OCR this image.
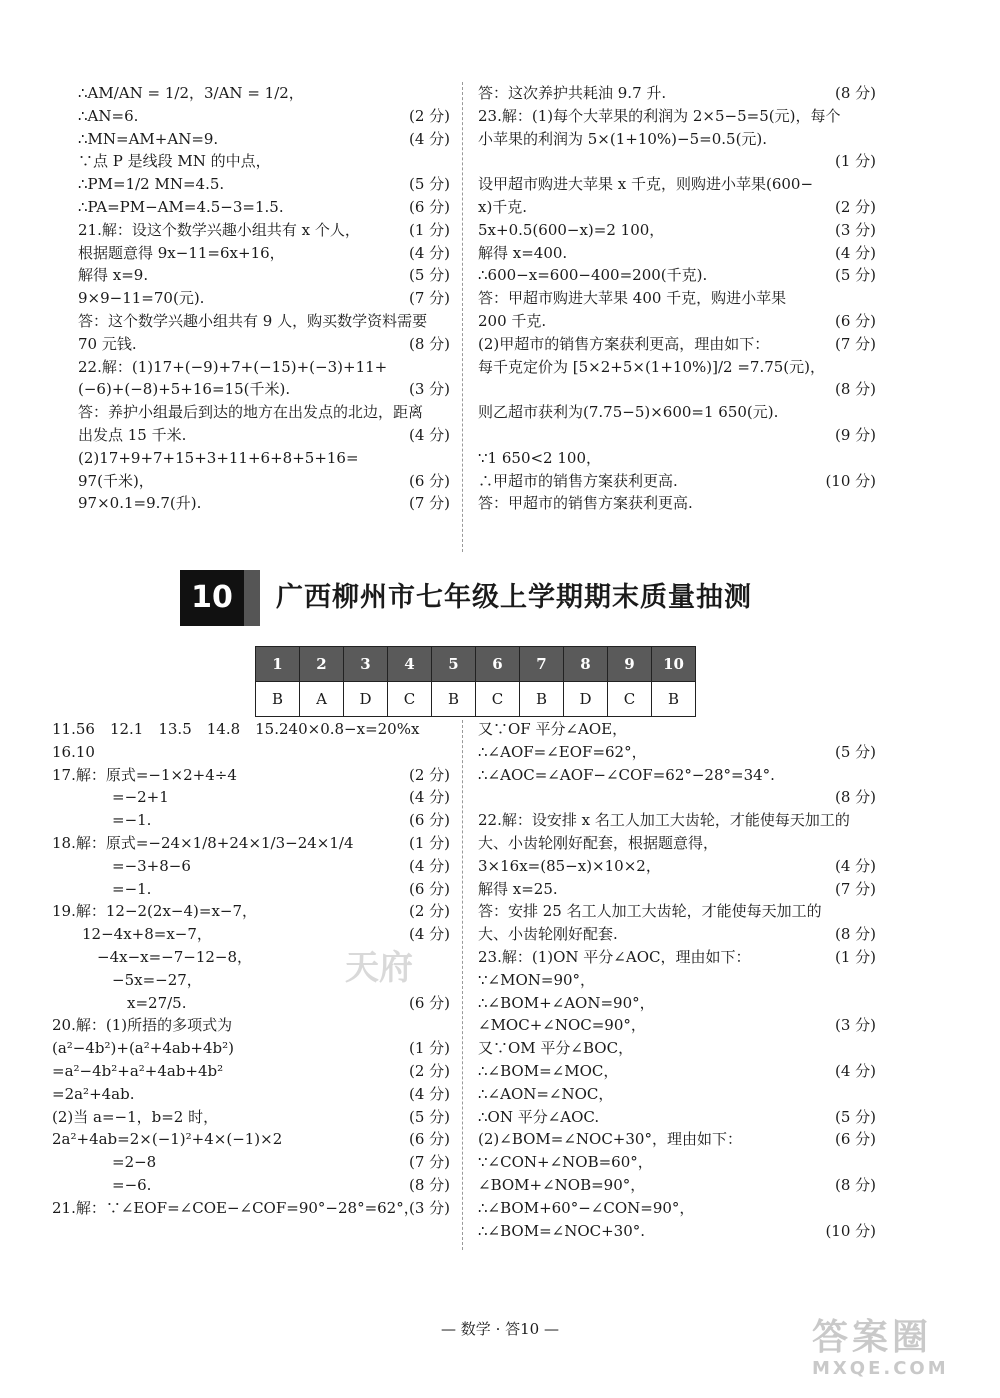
∴AM/AN = 1/2，3/AN = 1/2，
∴AN=6.	(2 分)
∴MN=AM+AN=9.	(4 分)
∵点 P 是线段 MN 的中点，
∴PM=1/2 MN=4.5.	(5 分)
∴PA=PM−AM=4.5−3=1.5.	(6 分)
21.解：设这个数学兴趣小组共有 x 个人，	(1 分)
根据题意得 9x−11=6x+16，	(4 分)
解得 x=9.	(5 分)
9×9−11=70(元).	(7 分)
答：这个数学兴趣小组共有 9 人，购买数学资料需要
70 元钱.	(8 分)
22.解：(1)17+(−9)+7+(−15)+(−3)+11+
(−6)+(−8)+5+16=15(千米).	(3 分)
答：养护小组最后到达的地方在出发点的北边，距离
出发点 15 千米.	(4 分)
(2)17+9+7+15+3+11+6+8+5+16=
97(千米)，	(6 分)
97×0.1=9.7(升).	(7 分)
答：这次养护共耗油 9.7 升.	(8 分)
23.解：(1)每个大苹果的利润为 2×5−5=5(元)，每个
小苹果的利润为 5×(1+10%)−5=0.5(元).
(1 分)
设甲超市购进大苹果 x 千克，则购进小苹果(600−
x)千克.	(2 分)
5x+0.5(600−x)=2 100，	(3 分)
解得 x=400.	(4 分)
∴600−x=600−400=200(千克).	(5 分)
答：甲超市购进大苹果 400 千克，购进小苹果
200 千克.	(6 分)
(2)甲超市的销售方案获利更高，理由如下：	(7 分)
每千克定价为 [5×2+5×(1+10%)]/2 =7.75(元)，
(8 分)
则乙超市获利为(7.75−5)×600=1 650(元).
(9 分)
∵1 650<2 100，
∴甲超市的销售方案获利更高.	(10 分)
答：甲超市的销售方案获利更高.
10	广西柳州市七年级上学期期末质量抽测
1	2	3	4	5	6	7	8	9	10
B	A	D	C	B	C	B	D	C	B
11.56　12.1　13.5　14.8　15.240×0.8−x=20%x
16.10
17.解：原式=−1×2+4÷4	(2 分)
　　　　=−2+1	(4 分)
　　　　=−1.	(6 分)
18.解：原式=−24×1/8+24×1/3−24×1/4	(1 分)
　　　　=−3+8−6	(4 分)
　　　　=−1.	(6 分)
19.解：12−2(2x−4)=x−7，	(2 分)
　　12−4x+8=x−7，	(4 分)
　　　−4x−x=−7−12−8，
　　　　−5x=−27，
　　　　　x=27/5.	(6 分)
20.解：(1)所捂的多项式为
(a²−4b²)+(a²+4ab+4b²)	(1 分)
=a²−4b²+a²+4ab+4b²	(2 分)
=2a²+4ab.	(4 分)
(2)当 a=−1，b=2 时，	(5 分)
2a²+4ab=2×(−1)²+4×(−1)×2	(6 分)
　　　　=2−8	(7 分)
　　　　=−6.	(8 分)
21.解：∵∠EOF=∠COE−∠COF=90°−28°=62°，
(3 分)
又∵OF 平分∠AOE，
∴∠AOF=∠EOF=62°，	(5 分)
∴∠AOC=∠AOF−∠COF=62°−28°=34°.
(8 分)
22.解：设安排 x 名工人加工大齿轮，才能使每天加工的
大、小齿轮刚好配套，根据题意得，
3×16x=(85−x)×10×2，	(4 分)
解得 x=25.	(7 分)
答：安排 25 名工人加工大齿轮，才能使每天加工的
大、小齿轮刚好配套.	(8 分)
23.解：(1)ON 平分∠AOC，理由如下：	(1 分)
∵∠MON=90°，
∴∠BOM+∠AON=90°，
∠MOC+∠NOC=90°，	(3 分)
又∵OM 平分∠BOC，
∴∠BOM=∠MOC，	(4 分)
∴∠AON=∠NOC，
∴ON 平分∠AOC.	(5 分)
(2)∠BOM=∠NOC+30°，理由如下：	(6 分)
∵∠CON+∠NOB=60°，
∠BOM+∠NOB=90°，	(8 分)
∴∠BOM+60°−∠CON=90°，
∴∠BOM=∠NOC+30°.	(10 分)
天府
— 数学 · 答10 —	答案圈
MXQE.COM
